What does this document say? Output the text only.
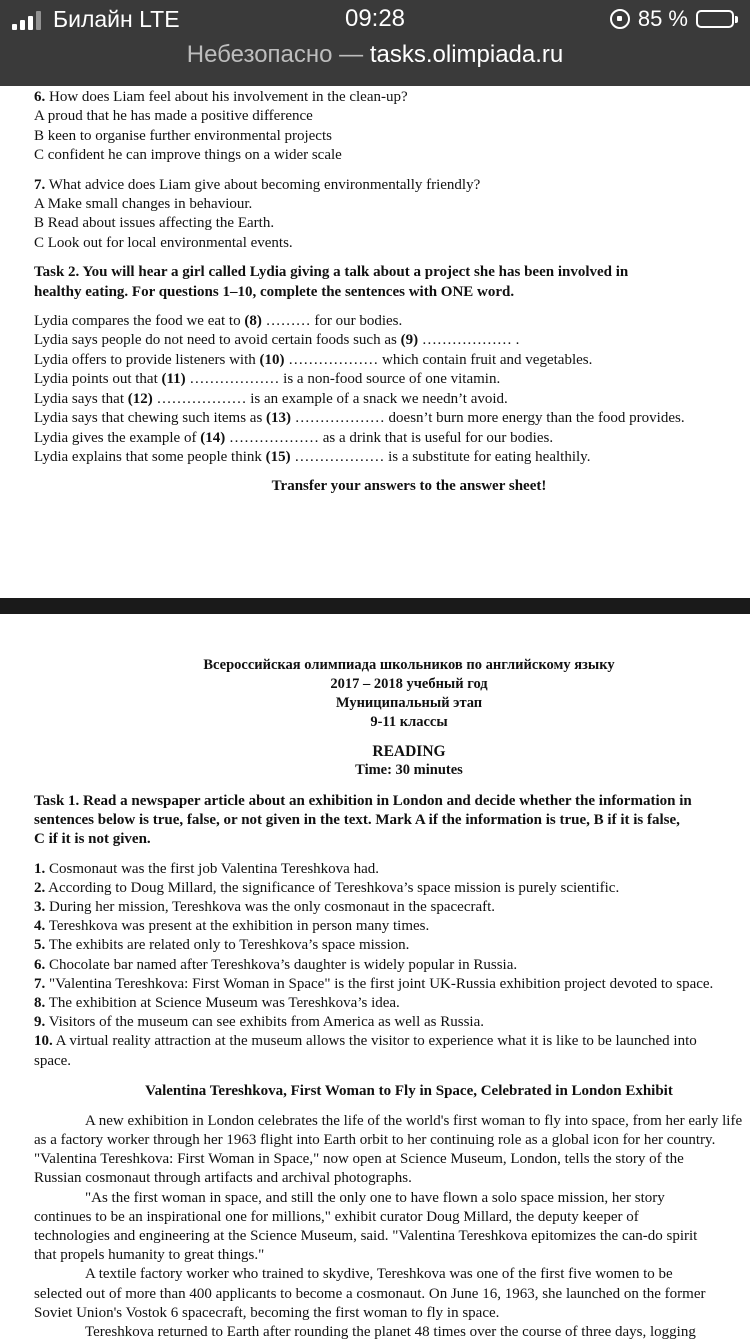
Билайн
LTE	09:28	85 %
Небезопасно — tasks.olimpiada.ru

6. How does Liam feel about his involvement in the clean-up?

A proud that he has made a positive difference

B keen to organise further environmental projects

C confident he can improve things on a wider scale

7. What advice does Liam give about becoming environmentally friendly?

A Make small changes in behaviour.

B Read about issues affecting the Earth.

C Look out for local environmental events.

Task 2. You will hear a girl called Lydia giving a talk about a project she has been involved in

healthy eating. For questions 1–10, complete the sentences with ONE word.

Lydia compares the food we eat to (8) ……… for our bodies.

Lydia says people do not need to avoid certain foods such as (9) ……………… .

Lydia offers to provide listeners with (10) ……………… which contain fruit and vegetables.

Lydia points out that (11) ……………… is a non-food source of one vitamin.

Lydia says that (12) ……………… is an example of a snack we needn’t avoid.

Lydia says that chewing such items as (13) ……………… doesn’t burn more energy than the food provides.

Lydia gives the example of (14) ……………… as a drink that is useful for our bodies.

Lydia explains that some people think (15) ……………… is a substitute for eating healthily.

Transfer your answers to the answer sheet!

Всероссийская олимпиада школьников по английскому языку

2017 – 2018 учебный год

Муниципальный этап

9-11 классы

READING

Time: 30 minutes

Task 1. Read a newspaper article about an exhibition in London and decide whether the information in

sentences below is true, false, or not given in the text. Mark A if the information is true, B if it is false,

C if it is not given.

1. Cosmonaut was the first job Valentina Tereshkova had.

2. According to Doug Millard, the significance of Tereshkova’s space mission is purely scientific.

3. During her mission, Tereshkova was the only cosmonaut in the spacecraft.

4. Tereshkova was present at the exhibition in person many times.

5. The exhibits are related only to Tereshkova’s space mission.

6. Chocolate bar named after Tereshkova’s daughter is widely popular in Russia.

7. "Valentina Tereshkova: First Woman in Space" is the first joint UK-Russia exhibition project devoted to space.

8. The exhibition at Science Museum was Tereshkova’s idea.

9. Visitors of the museum can see exhibits from America as well as Russia.

10. A virtual reality attraction at the museum allows the visitor to experience what it is like to be launched into

space.

Valentina Tereshkova, First Woman to Fly in Space, Celebrated in London Exhibit

A new exhibition in London celebrates the life of the world's first woman to fly into space, from her early life

as a factory worker through her 1963 flight into Earth orbit to her continuing role as a global icon for her country.

"Valentina Tereshkova: First Woman in Space," now open at Science Museum, London, tells the story of the

Russian cosmonaut through artifacts and archival photographs.

"As the first woman in space, and still the only one to have flown a solo space mission, her story

continues to be an inspirational one for millions," exhibit curator Doug Millard, the deputy keeper of

technologies and engineering at the Science Museum, said. "Valentina Tereshkova epitomizes the can-do spirit

that propels humanity to great things."

A textile factory worker who trained to skydive, Tereshkova was one of the first five women to be

selected out of more than 400 applicants to become a cosmonaut. On June 16, 1963, she launched on the former

Soviet Union's Vostok 6 spacecraft, becoming the first woman to fly in space.

Tereshkova returned to Earth after rounding the planet 48 times over the course of three days, logging
